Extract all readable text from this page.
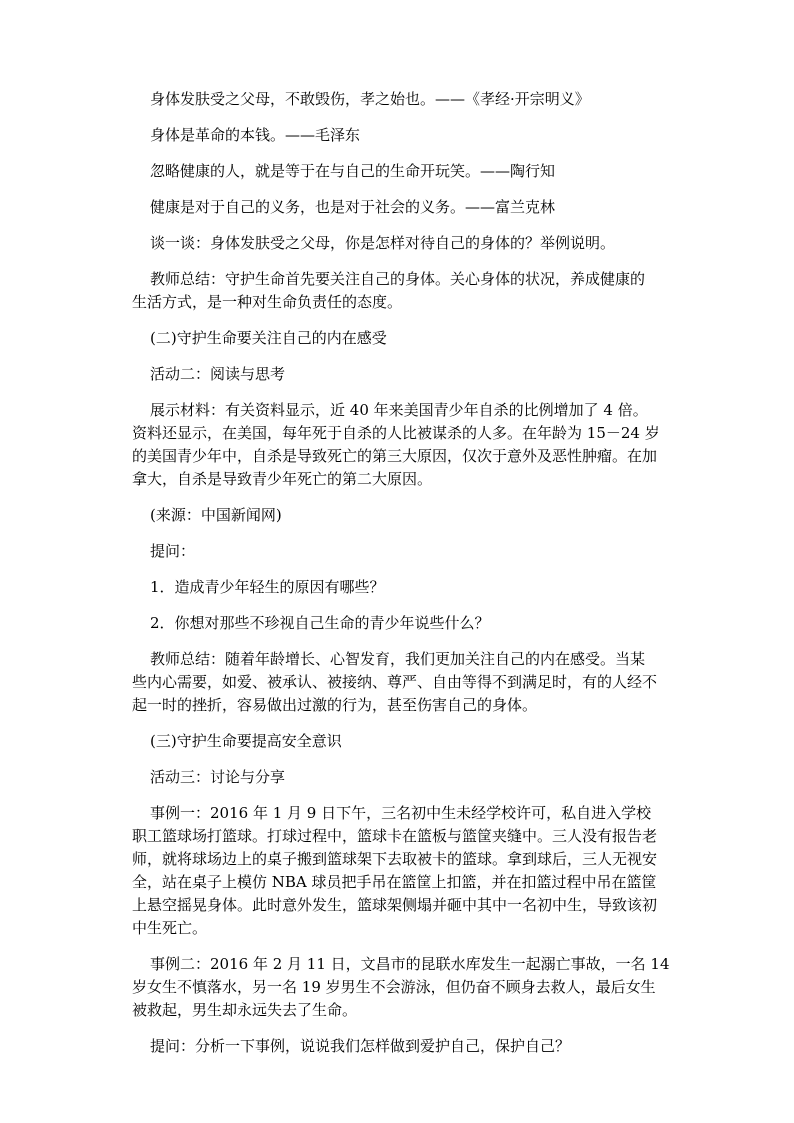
身体发肤受之父母，不敢毁伤，孝之始也。——《孝经·开宗明义》

身体是革命的本钱。——毛泽东

忽略健康的人，就是等于在与自己的生命开玩笑。——陶行知

健康是对于自己的义务，也是对于社会的义务。——富兰克林

谈一谈：身体发肤受之父母，你是怎样对待自己的身体的？举例说明。

教师总结：守护生命首先要关注自己的身体。关心身体的状况，养成健康的

生活方式，是一种对生命负责任的态度。

(二)守护生命要关注自己的内在感受

活动二：阅读与思考

展示材料：有关资料显示，近 40 年来美国青少年自杀的比例增加了 4 倍。

资料还显示，在美国，每年死于自杀的人比被谋杀的人多。在年龄为 15－24 岁

的美国青少年中，自杀是导致死亡的第三大原因，仅次于意外及恶性肿瘤。在加

拿大，自杀是导致青少年死亡的第二大原因。

(来源：中国新闻网)

提问：

1．造成青少年轻生的原因有哪些？

2．你想对那些不珍视自己生命的青少年说些什么？

教师总结：随着年龄增长、心智发育，我们更加关注自己的内在感受。当某

些内心需要，如爱、被承认、被接纳、尊严、自由等得不到满足时，有的人经不

起一时的挫折，容易做出过激的行为，甚至伤害自己的身体。

(三)守护生命要提高安全意识

活动三：讨论与分享

事例一：2016 年 1 月 9 日下午，三名初中生未经学校许可，私自进入学校

职工篮球场打篮球。打球过程中，篮球卡在篮板与篮筐夹缝中。三人没有报告老

师，就将球场边上的桌子搬到篮球架下去取被卡的篮球。拿到球后，三人无视安

全，站在桌子上模仿 NBA 球员把手吊在篮筐上扣篮，并在扣篮过程中吊在篮筐

上悬空摇晃身体。此时意外发生，篮球架侧塌并砸中其中一名初中生，导致该初

中生死亡。

事例二：2016 年 2 月 11 日，文昌市的昆联水库发生一起溺亡事故，一名 14

岁女生不慎落水，另一名 19 岁男生不会游泳，但仍奋不顾身去救人，最后女生

被救起，男生却永远失去了生命。

提问：分析一下事例，说说我们怎样做到爱护自己，保护自己？
